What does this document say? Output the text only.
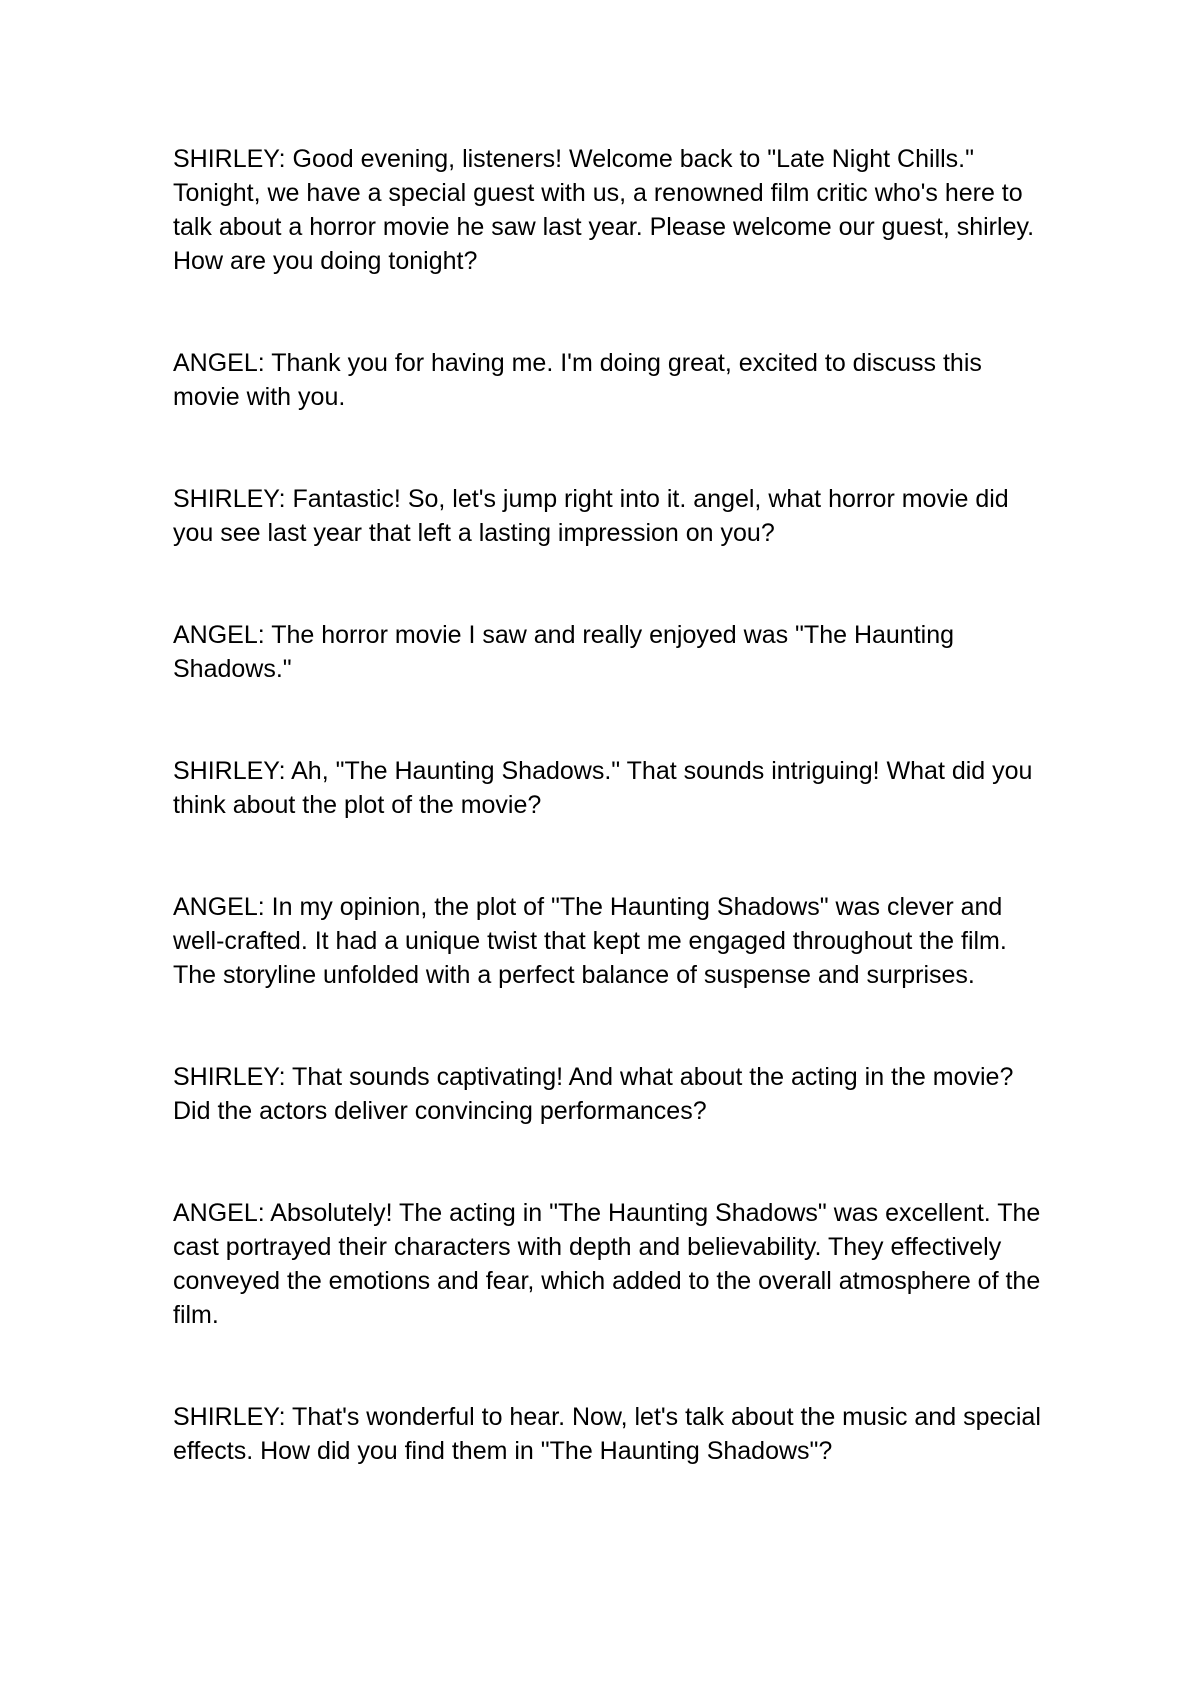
SHIRLEY: Good evening, listeners! Welcome back to "Late Night Chills." Tonight, we have a special guest with us, a renowned film critic who's here to talk about a horror movie he saw last year. Please welcome our guest, shirley. How are you doing tonight?

ANGEL: Thank you for having me. I'm doing great, excited to discuss this movie with you.

SHIRLEY: Fantastic! So, let's jump right into it. angel, what horror movie did you see last year that left a lasting impression on you?

ANGEL: The horror movie I saw and really enjoyed was "The Haunting Shadows."

SHIRLEY: Ah, "The Haunting Shadows." That sounds intriguing! What did you think about the plot of the movie?

ANGEL: In my opinion, the plot of "The Haunting Shadows" was clever and well-crafted. It had a unique twist that kept me engaged throughout the film. The storyline unfolded with a perfect balance of suspense and surprises.

SHIRLEY: That sounds captivating! And what about the acting in the movie? Did the actors deliver convincing performances?

ANGEL: Absolutely! The acting in "The Haunting Shadows" was excellent. The cast portrayed their characters with depth and believability. They effectively conveyed the emotions and fear, which added to the overall atmosphere of the film.

SHIRLEY: That's wonderful to hear. Now, let's talk about the music and special effects. How did you find them in "The Haunting Shadows"?
